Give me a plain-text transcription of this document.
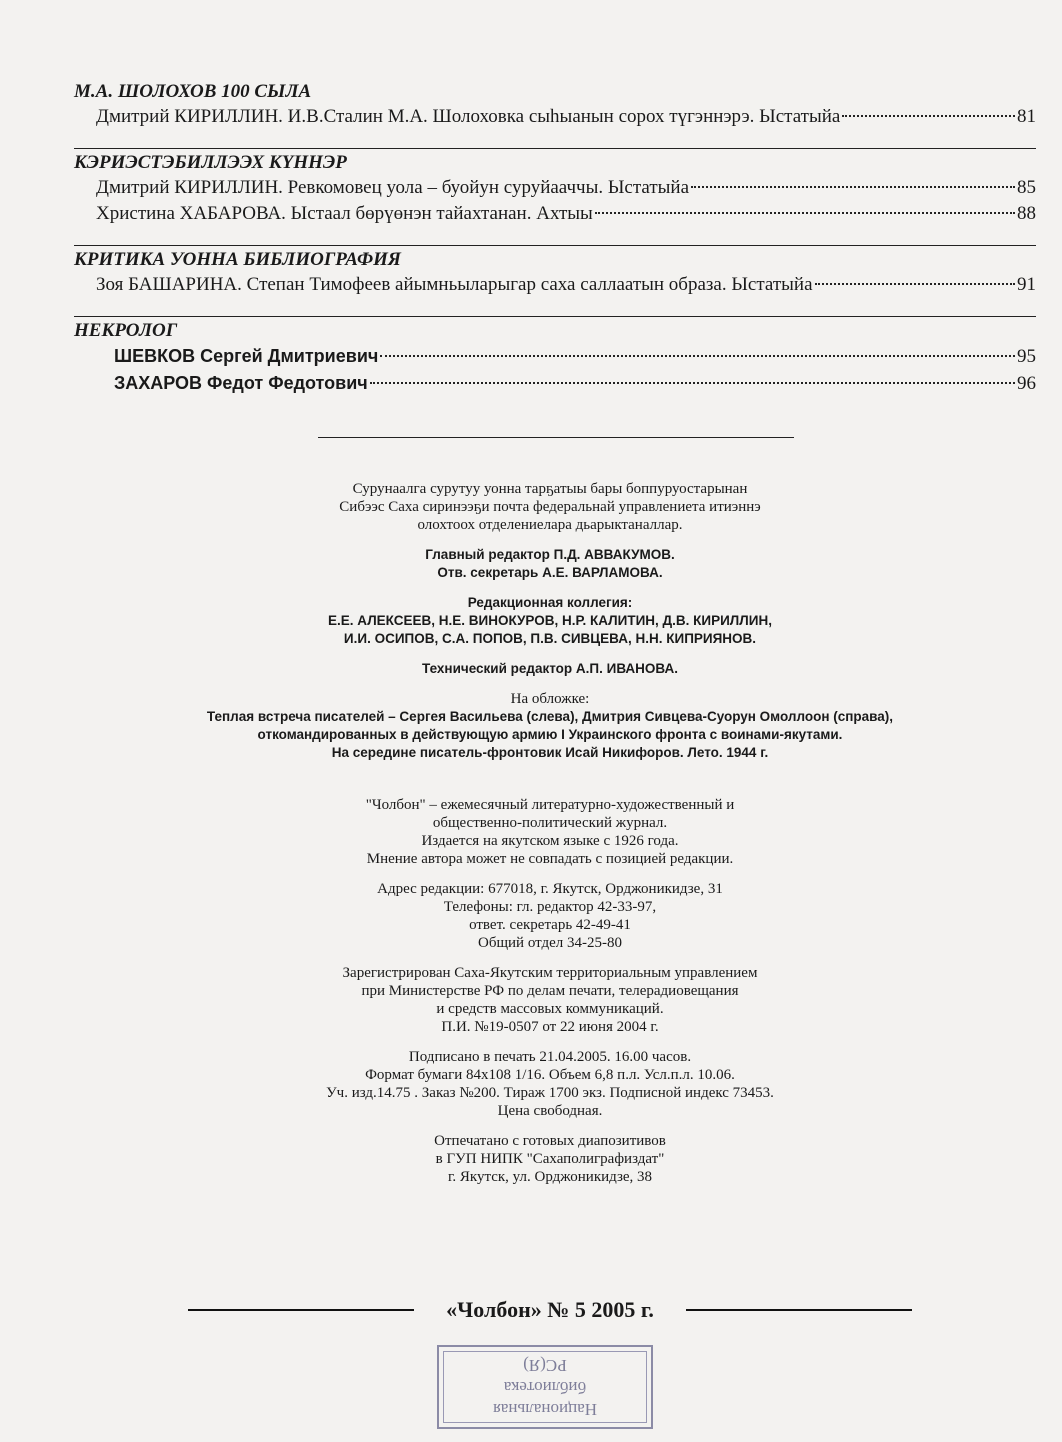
М.А. ШОЛОХОВ 100 СЫЛА
Дмитрий КИРИЛЛИН. И.В.Сталин М.А. Шолоховка сыһыанын сорох түгэннэрэ. Ыстатыйа	81
КЭРИЭСТЭБИЛЛЭЭХ КҮННЭР
Дмитрий КИРИЛЛИН. Ревкомовец уола – буойун суруйааччы. Ыстатыйа	85
Христина ХАБАРОВА. Ыстаал бөрүөнэн тайахтанан. Ахтыы	88
КРИТИКА УОННА БИБЛИОГРАФИЯ
Зоя БАШАРИНА. Степан Тимофеев айымньыларыгар саха саллаатын образа. Ыстатыйа	91
НЕКРОЛОГ
ШЕВКОВ Сергей Дмитриевич	95
ЗАХАРОВ Федот Федотович	96
Сурунаалга сурутуу уонна тарҕатыы бары боппуруостарынан
Сибээс Саха сиринээҕи почта федеральнай управлениета итиэннэ
олохтоох отделениелара дьарыктаналлар.
Главный редактор П.Д. АВВАКУМОВ.
Отв. секретарь А.Е. ВАРЛАМОВА.
Редакционная коллегия:
Е.Е. АЛЕКСЕЕВ, Н.Е. ВИНОКУРОВ, Н.Р. КАЛИТИН, Д.В. КИРИЛЛИН,
И.И. ОСИПОВ, С.А. ПОПОВ, П.В. СИВЦЕВА, Н.Н. КИПРИЯНОВ.
Технический редактор А.П. ИВАНОВА.
На обложке:
Теплая встреча писателей – Сергея Васильева (слева), Дмитрия Сивцева-Суорун Омоллоон (справа),
откомандированных в действующую армию I Украинского фронта с воинами-якутами.
На середине писатель-фронтовик Исай Никифоров. Лето. 1944 г.
"Чолбон" – ежемесячный литературно-художественный и
общественно-политический журнал.
Издается на якутском языке с 1926 года.
Мнение автора может не совпадать с позицией редакции.
Адрес редакции: 677018, г. Якутск, Орджоникидзе, 31
Телефоны: гл. редактор 42-33-97,
ответ. секретарь 42-49-41
Общий отдел 34-25-80
Зарегистрирован Саха-Якутским территориальным управлением
при Министерстве РФ по делам печати, телерадиовещания
и средств массовых коммуникаций.
П.И. №19-0507 от 22 июня 2004 г.
Подписано в печать 21.04.2005. 16.00 часов.
Формат бумаги 84x108 1/16. Объем 6,8 п.л. Усл.п.л. 10.06.
Уч. изд.14.75 . Заказ №200. Тираж 1700 экз. Подписной индекс 73453.
Цена свободная.
Отпечатано с готовых диапозитивов
в ГУП НИПК "Сахаполиграфиздат"
г. Якутск, ул. Орджоникидзе, 38
«Чолбон» № 5 2005 г.
Национальная
библиотека
РС(Я)
